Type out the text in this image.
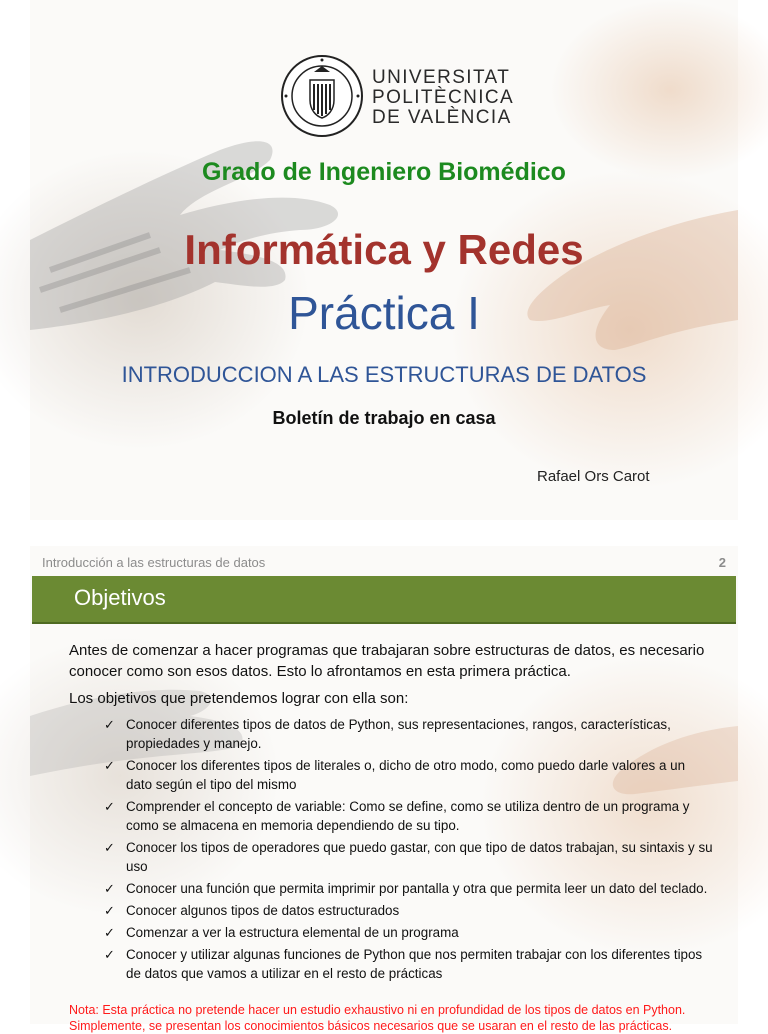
UNIVERSITAT
POLITÈCNICA
DE VALÈNCIA
Grado de Ingeniero Biomédico
Informática y Redes
Práctica I
INTRODUCCION A LAS ESTRUCTURAS DE DATOS
Boletín de trabajo en casa
Rafael Ors Carot
Introducción a las estructuras de datos	2
Objetivos

Antes de comenzar a hacer programas que trabajaran sobre estructuras de datos, es necesario conocer como son esos datos. Esto lo afrontamos en esta primera práctica.

Los objetivos que pretendemos lograr con ella son:

✓ Conocer diferentes tipos de datos de Python, sus representaciones, rangos, características, propiedades y manejo.
✓ Conocer los diferentes tipos de literales o, dicho de otro modo, como puedo darle valores a un dato según el tipo del mismo
✓ Comprender el concepto de variable: Como se define, como se utiliza dentro de un programa y como se almacena en memoria dependiendo de su tipo.
✓ Conocer los tipos de operadores que puedo gastar, con que tipo de datos trabajan, su sintaxis y su uso
✓ Conocer una función que permita imprimir por pantalla y otra que permita leer un dato del teclado.
✓ Conocer algunos tipos de datos estructurados
✓ Comenzar a ver la estructura elemental de un programa
✓ Conocer y utilizar algunas funciones de Python que nos permiten trabajar con los diferentes tipos de datos que vamos a utilizar en el resto de prácticas
Nota: Esta práctica no pretende hacer un estudio exhaustivo ni en profundidad de los tipos de datos en Python. Simplemente, se presentan los conocimientos básicos necesarios que se usaran en el resto de las prácticas.
